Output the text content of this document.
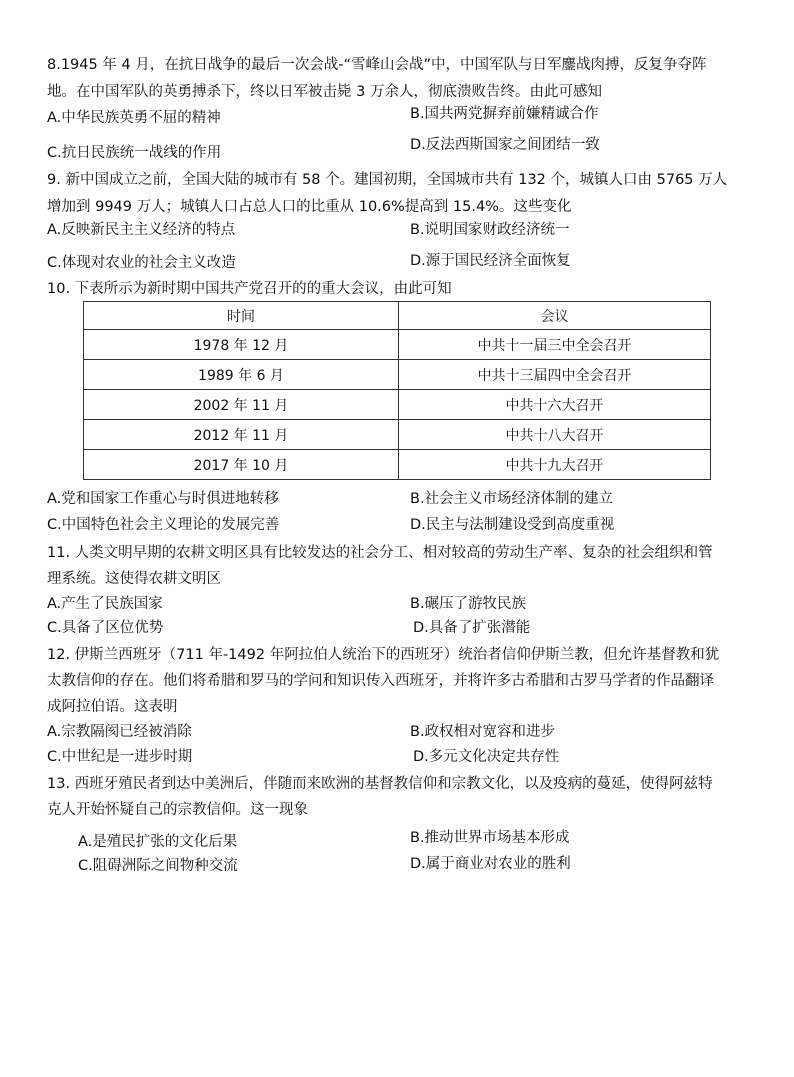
8.1945 年 4 月，在抗日战争的最后一次会战-“雪峰山会战”中，中国军队与日军鏖战肉搏，反复争夺阵
地。在中国军队的英勇搏杀下，终以日军被击毙 3 万余人，彻底溃败告终。由此可感知
A.中华民族英勇不屈的精神	B.国共两党摒弃前嫌精诚合作
C.抗日民族统一战线的作用	D.反法西斯国家之间团结一致
9. 新中国成立之前，全国大陆的城市有 58 个。建国初期，全国城市共有 132 个，城镇人口由 5765 万人
增加到 9949 万人；城镇人口占总人口的比重从 10.6%提高到 15.4%。这些变化
A.反映新民主主义经济的特点	B.说明国家财政经济统一
C.体现对农业的社会主义改造	D.源于国民经济全面恢复
10. 下表所示为新时期中国共产党召开的的重大会议，由此可知
时间	会议
1978 年 12 月	中共十一届三中全会召开
1989 年 6 月	中共十三届四中全会召开
2002 年 11 月	中共十六大召开
2012 年 11 月	中共十八大召开
2017 年 10 月	中共十九大召开
A.党和国家工作重心与时俱进地转移	B.社会主义市场经济体制的建立
C.中国特色社会主义理论的发展完善	D.民主与法制建设受到高度重视
11. 人类文明早期的农耕文明区具有比较发达的社会分工、相对较高的劳动生产率、复杂的社会组织和管
理系统。这使得农耕文明区
A.产生了民族国家	B.碾压了游牧民族
C.具备了区位优势	D.具备了扩张潜能
12. 伊斯兰西班牙（711 年-1492 年阿拉伯人统治下的西班牙）统治者信仰伊斯兰教，但允许基督教和犹
太教信仰的存在。他们将希腊和罗马的学问和知识传入西班牙，并将许多古希腊和古罗马学者的作品翻译
成阿拉伯语。这表明
A.宗教隔阂已经被消除	B.政权相对宽容和进步
C.中世纪是一进步时期	D.多元文化决定共存性
13. 西班牙殖民者到达中美洲后，伴随而来欧洲的基督教信仰和宗教文化，以及疫病的蔓延，使得阿兹特
克人开始怀疑自己的宗教信仰。这一现象
A.是殖民扩张的文化后果	B.推动世界市场基本形成
C.阻碍洲际之间物种交流	D.属于商业对农业的胜利
